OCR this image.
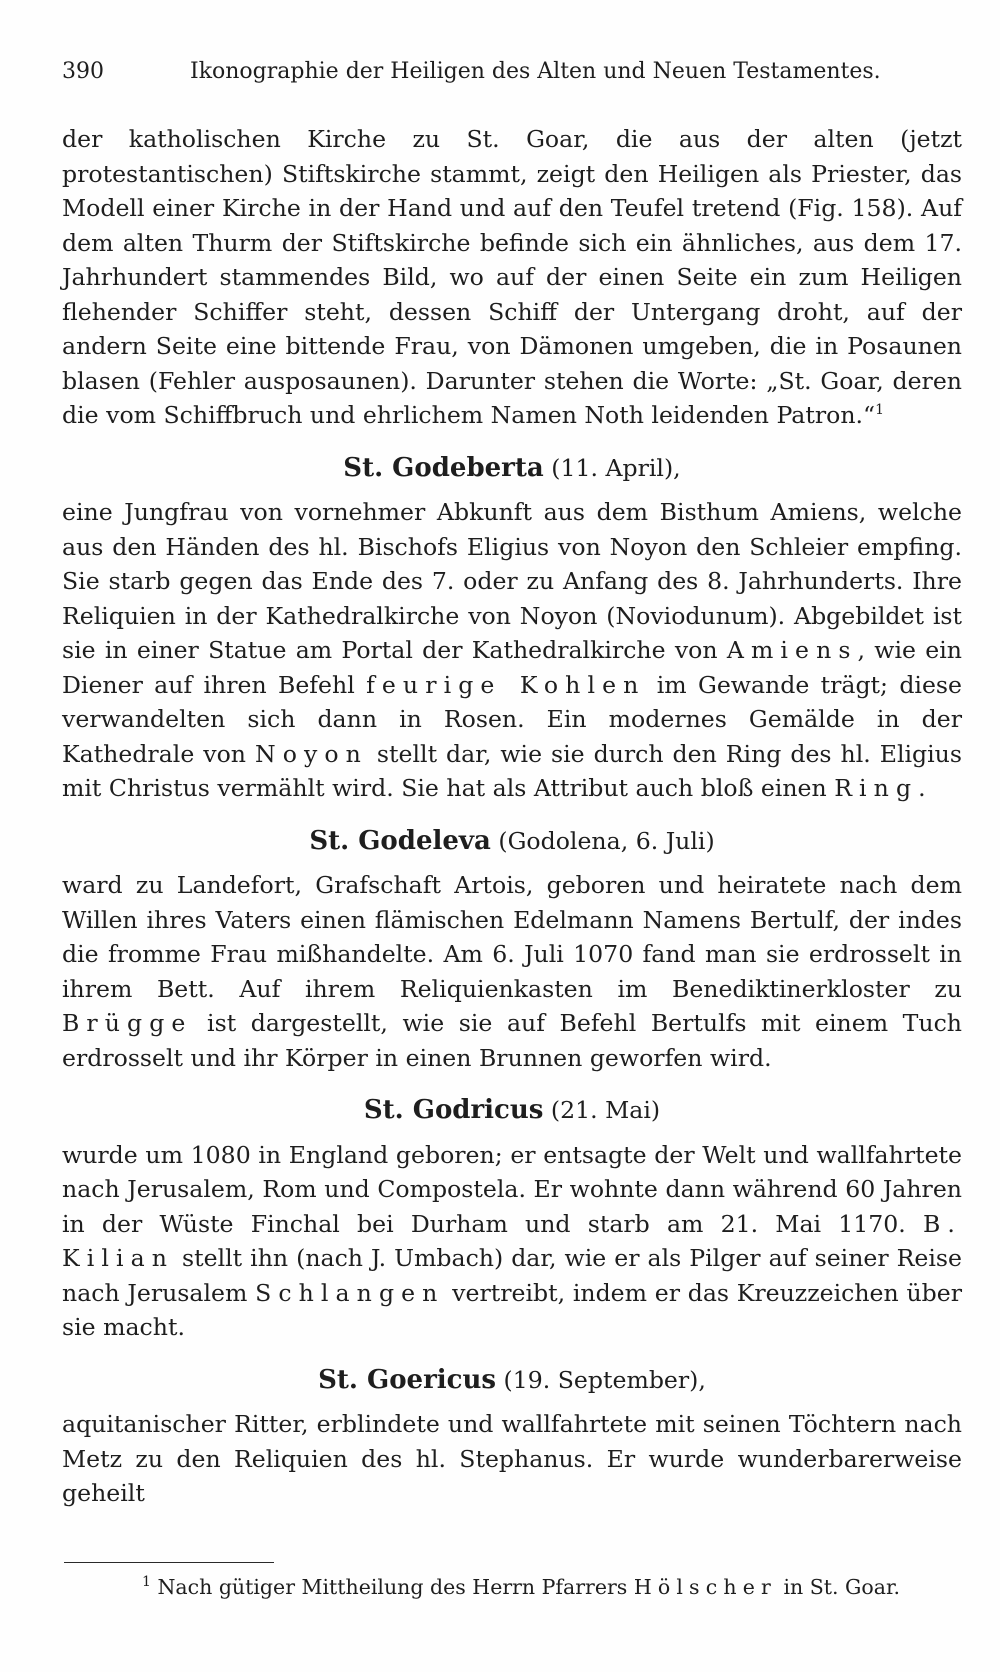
390	Ikonographie der Heiligen des Alten und Neuen Testamentes.

der katholischen Kirche zu St. Goar, die aus der alten (jetzt protestantischen) Stiftskirche stammt, zeigt den Heiligen als Priester, das Modell einer Kirche in der Hand und auf den Teufel tretend (Fig. 158). Auf dem alten Thurm der Stiftskirche befinde sich ein ähnliches, aus dem 17. Jahrhundert stammendes Bild, wo auf der einen Seite ein zum Heiligen flehender Schiffer steht, dessen Schiff der Untergang droht, auf der andern Seite eine bittende Frau, von Dämonen umgeben, die in Posaunen blasen (Fehler ausposaunen). Darunter stehen die Worte: „St. Goar, deren die vom Schiffbruch und ehrlichem Namen Noth leidenden Patron.“$^1$

St. Godeberta (11. April),

eine Jungfrau von vornehmer Abkunft aus dem Bisthum Amiens, welche aus den Händen des hl. Bischofs Eligius von Noyon den Schleier empfing. Sie starb gegen das Ende des 7. oder zu Anfang des 8. Jahrhunderts. Ihre Reliquien in der Kathedralkirche von Noyon (Noviodunum). Abgebildet ist sie in einer Statue am Portal der Kathedralkirche von Amiens, wie ein Diener auf ihren Befehl feurige Kohlen im Gewande trägt; diese verwandelten sich dann in Rosen. Ein modernes Gemälde in der Kathedrale von Noyon stellt dar, wie sie durch den Ring des hl. Eligius mit Christus vermählt wird. Sie hat als Attribut auch bloß einen Ring.

St. Godeleva (Godolena, 6. Juli)

ward zu Landefort, Grafschaft Artois, geboren und heiratete nach dem Willen ihres Vaters einen flämischen Edelmann Namens Bertulf, der indes die fromme Frau mißhandelte. Am 6. Juli 1070 fand man sie erdrosselt in ihrem Bett. Auf ihrem Reliquienkasten im Benediktinerkloster zu Brügge ist dargestellt, wie sie auf Befehl Bertulfs mit einem Tuch erdrosselt und ihr Körper in einen Brunnen geworfen wird.

St. Godricus (21. Mai)

wurde um 1080 in England geboren; er entsagte der Welt und wallfahrtete nach Jerusalem, Rom und Compostela. Er wohnte dann während 60 Jahren in der Wüste Finchal bei Durham und starb am 21. Mai 1170. B. Kilian stellt ihn (nach J. Umbach) dar, wie er als Pilger auf seiner Reise nach Jerusalem Schlangen vertreibt, indem er das Kreuzzeichen über sie macht.

St. Goericus (19. September),

aquitanischer Ritter, erblindete und wallfahrtete mit seinen Töchtern nach Metz zu den Reliquien des hl. Stephanus. Er wurde wunderbarerweise geheilt

$^1$ Nach gütiger Mittheilung des Herrn Pfarrers Hölscher in St. Goar.
